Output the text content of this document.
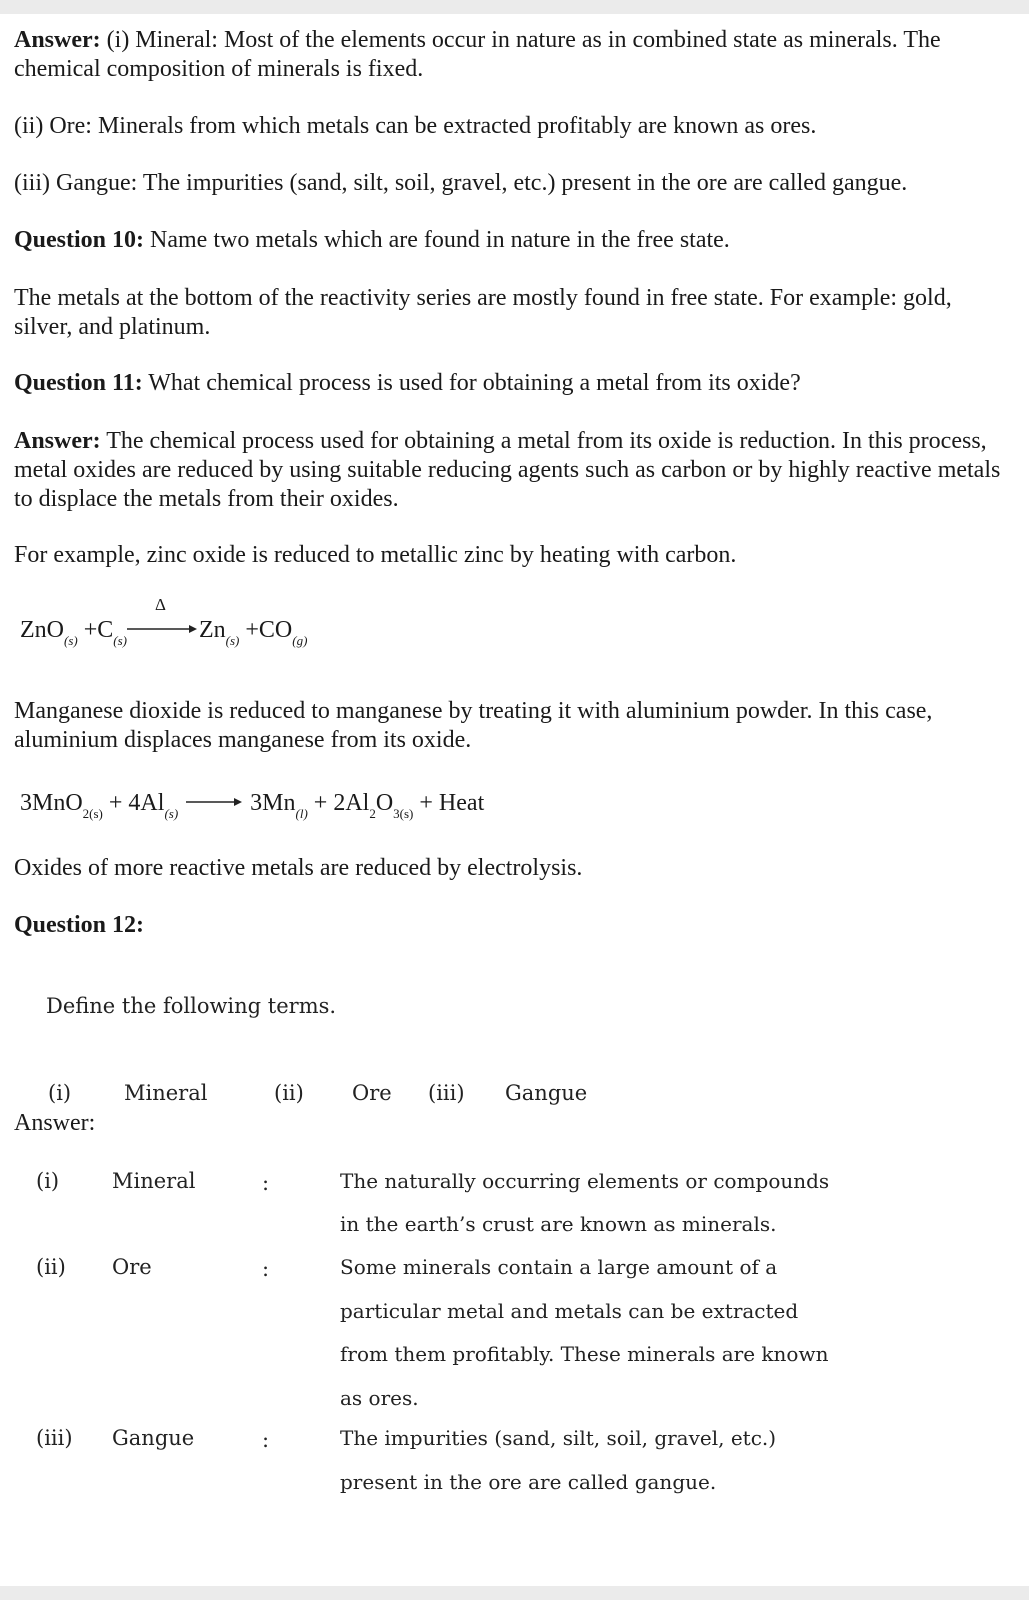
Answer: (i) Mineral: Most of the elements occur in nature as in combined state as minerals. The chemical composition of minerals is fixed.
(ii) Ore: Minerals from which metals can be extracted profitably are known as ores.
(iii) Gangue: The impurities (sand, silt, soil, gravel, etc.) present in the ore are called gangue.
Question 10: Name two metals which are found in nature in the free state.
The metals at the bottom of the reactivity series are mostly found in free state. For example: gold, silver, and platinum.
Question 11: What chemical process is used for obtaining a metal from its oxide?
Answer: The chemical process used for obtaining a metal from its oxide is reduction. In this process, metal oxides are reduced by using suitable reducing agents such as carbon or by highly reactive metals to displace the metals from their oxides.
For example, zinc oxide is reduced to metallic zinc by heating with carbon.
$ZnO_{(s)} +C_{(s)}$
Δ
$Zn_{(s)} +CO_{(g)}$
Manganese dioxide is reduced to manganese by treating it with aluminium powder. In this case, aluminium displaces manganese from its oxide.
$3MnO_{2(s)} + 4Al_{(s)}$	$3Mn_{(l)} + 2Al_2O_{3(s)}$ + Heat
Oxides of more reactive metals are reduced by electrolysis.
Question 12:
Define the following terms.
(i)	Mineral	(ii) Ore (iii) Gangue
Answer:
(i)	Mineral	:	The naturally occurring elements or compounds
in the earth’s crust are known as minerals.
(ii) Ore	:	Some minerals contain a large amount of a
particular metal and metals can be extracted
from them profitably. These minerals are known
as ores.
(iii) Gangue	:	The impurities (sand, silt, soil, gravel, etc.)
present in the ore are called gangue.
